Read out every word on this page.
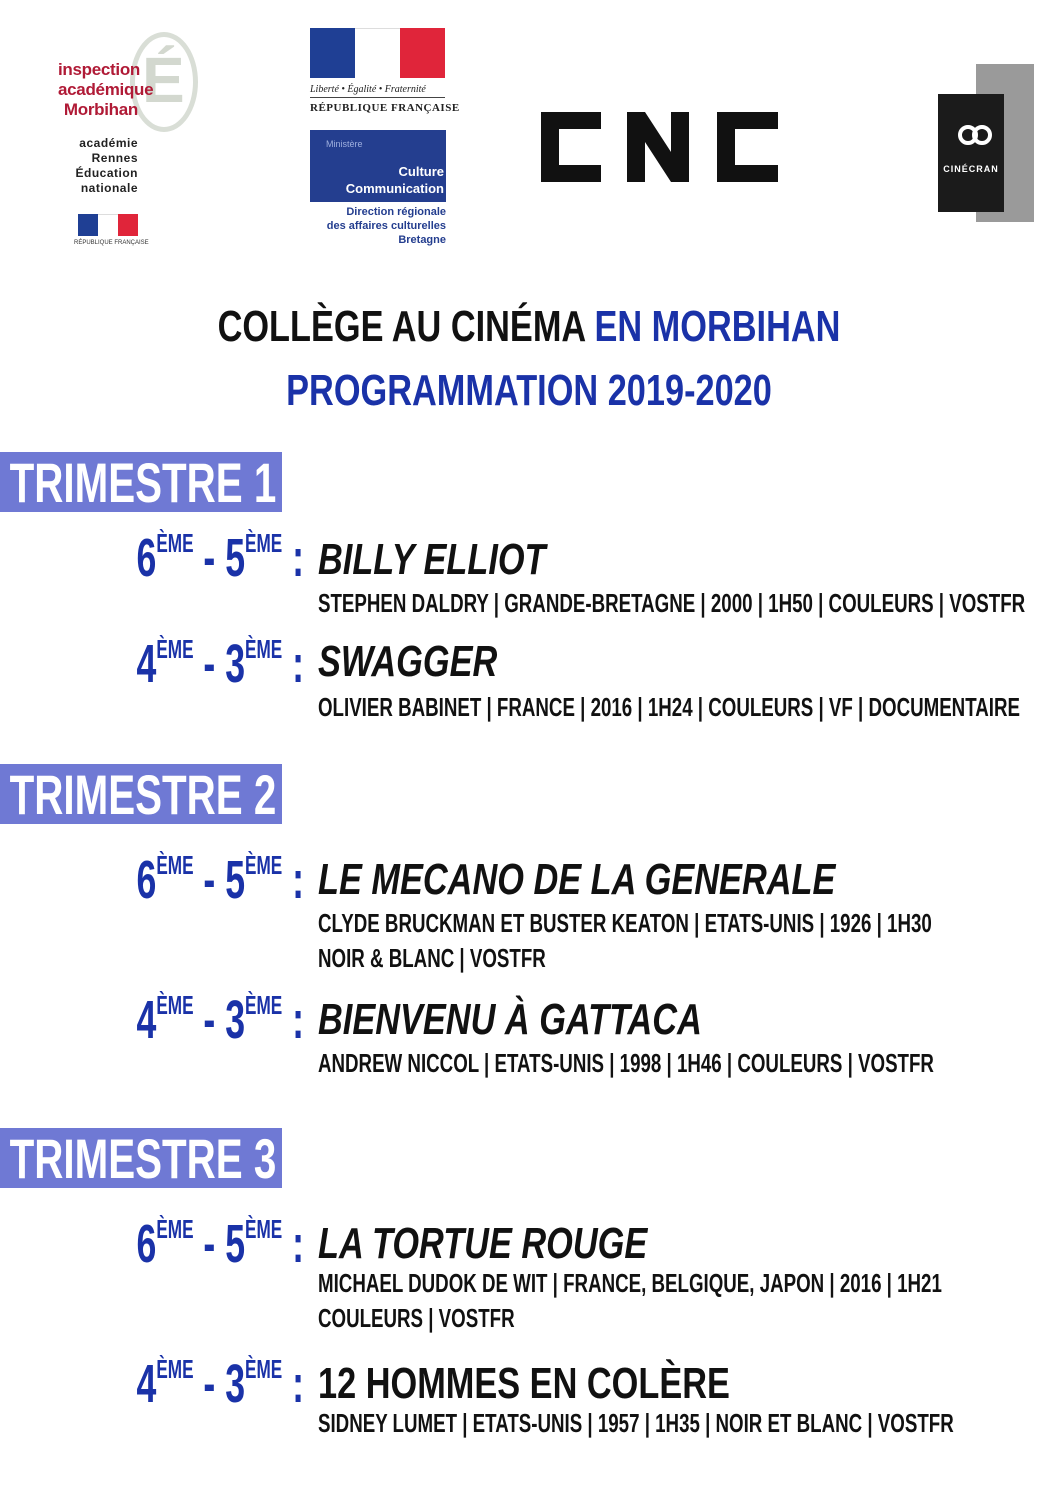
É
inspection
académique
Morbihan
académie
Rennes
Éducation
nationale
RÉPUBLIQUE FRANÇAISE
Liberté • Égalité • Fraternité
RÉPUBLIQUE FRANÇAISE
Ministère
Culture
Communication
Direction régionale
des affaires culturelles
Bretagne
CINÉCRAN
COLLÈGE AU CINÉMA EN MORBIHAN
PROGRAMMATION 2019-2020
TRIMESTRE 1
6ÈME - 5ÈME : BILLY ELLIOT
STEPHEN DALDRY | GRANDE-BRETAGNE | 2000 | 1H50 | COULEURS | VOSTFR
4ÈME - 3ÈME : SWAGGER
OLIVIER BABINET | FRANCE | 2016 | 1H24 | COULEURS | VF | DOCUMENTAIRE
TRIMESTRE 2
6ÈME - 5ÈME : LE MECANO DE LA GENERALE
CLYDE BRUCKMAN ET BUSTER KEATON | ETATS-UNIS | 1926 | 1H30
NOIR & BLANC | VOSTFR
4ÈME - 3ÈME : BIENVENU À GATTACA
ANDREW NICCOL | ETATS-UNIS | 1998 | 1H46 | COULEURS | VOSTFR
TRIMESTRE 3
6ÈME - 5ÈME : LA TORTUE ROUGE
MICHAEL DUDOK DE WIT | FRANCE, BELGIQUE, JAPON | 2016 | 1H21
COULEURS | VOSTFR
4ÈME - 3ÈME : 12 HOMMES EN COLÈRE
SIDNEY LUMET | ETATS-UNIS | 1957 | 1H35 | NOIR ET BLANC | VOSTFR
